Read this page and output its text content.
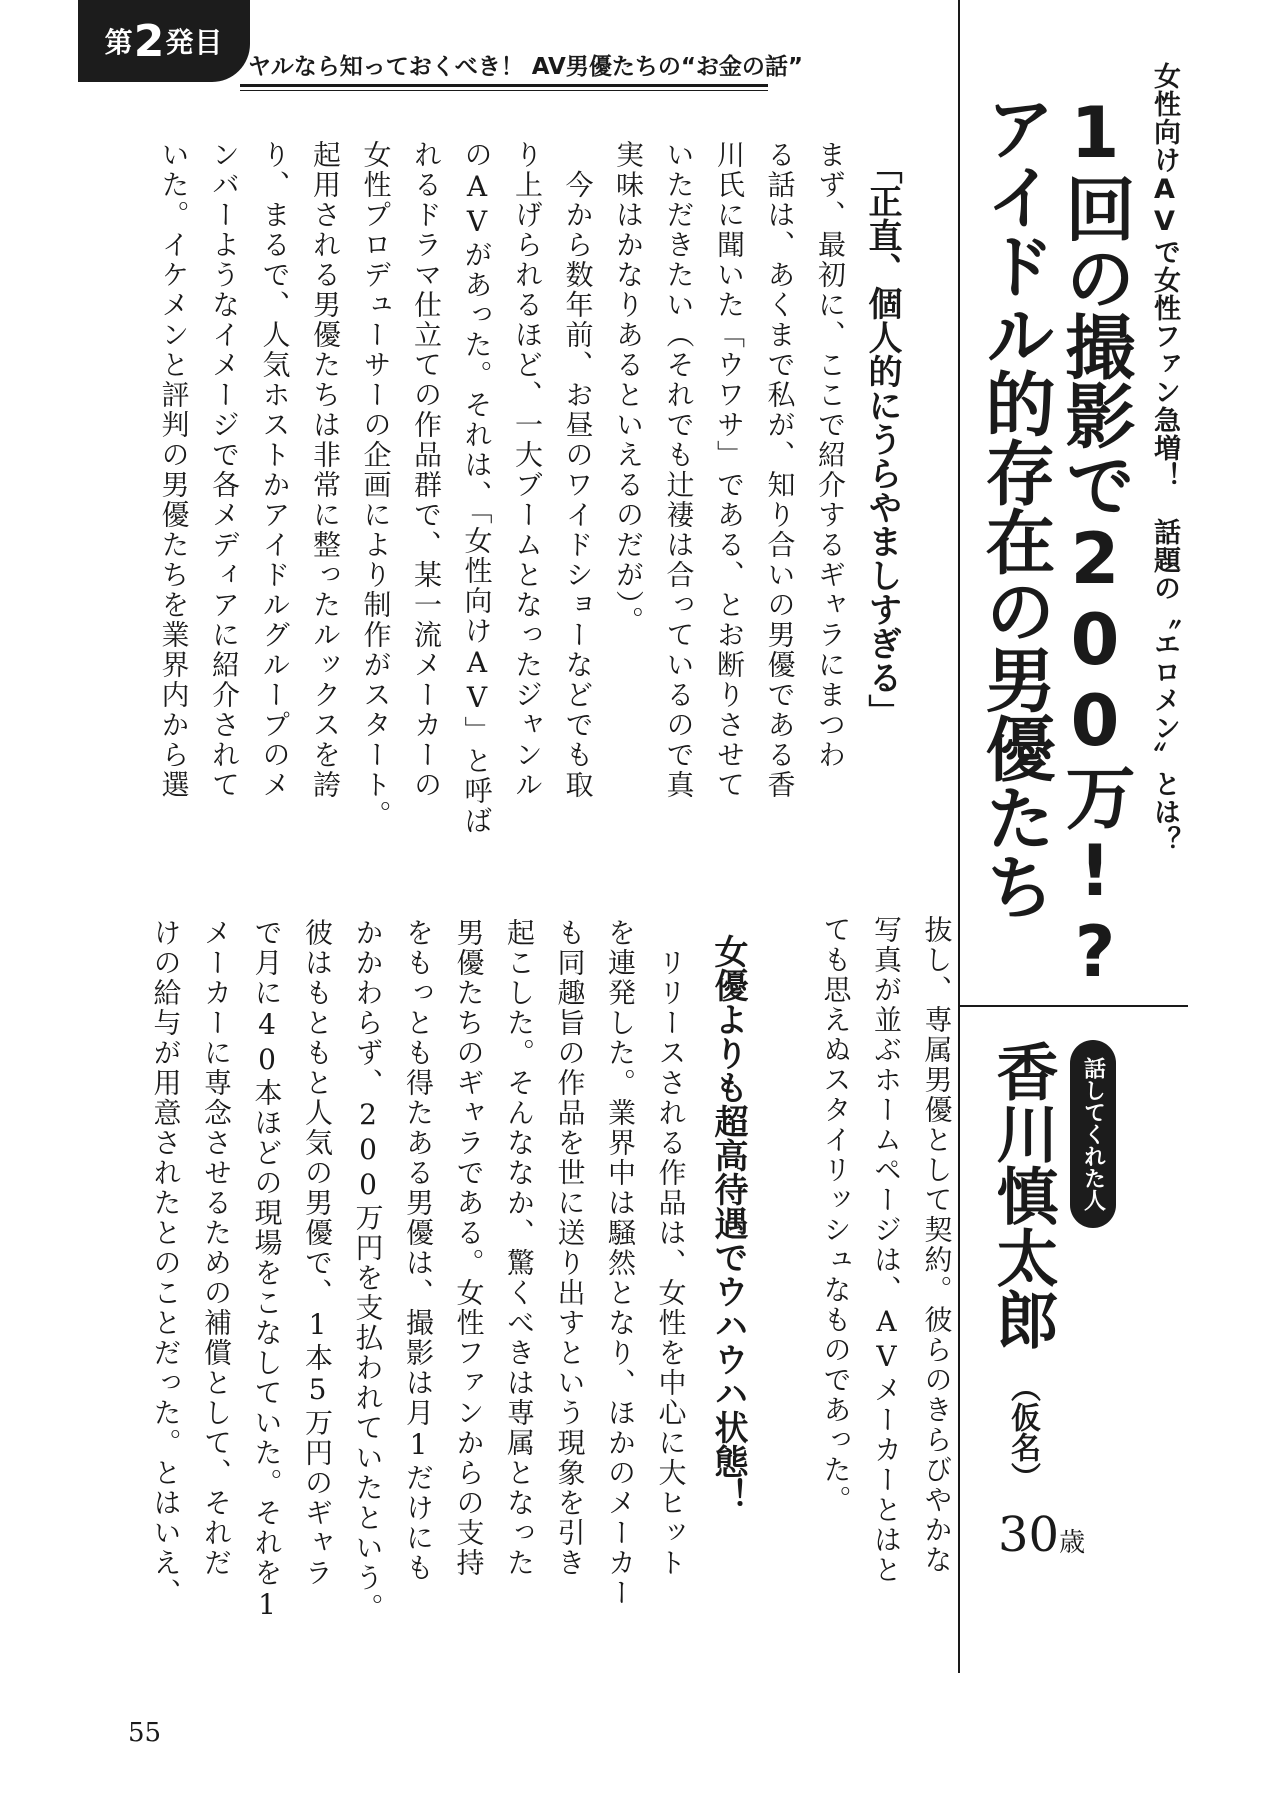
第 2 発目
ヤルなら知っておくべき！ AV男優たちの“お金の話”	女性向けAVで女性ファン急増！　話題の〝エロメン〟とは？
1回の撮影で200万!?
アイドル的存在の男優たち
「正直、個人的にうらやましすぎる」
まず、最初に、ここで紹介するギャラにまつわ
る話は、あくまで私が、知り合いの男優である香
川氏に聞いた「ウワサ」である、とお断りさせて
いただきたい（それでも辻褄は合っているので真
実味はかなりあるといえるのだが）。
　今から数年前、お昼のワイドショーなどでも取
り上げられるほど、一大ブームとなったジャンル
のAVがあった。それは、「女性向けAV」と呼ば
れるドラマ仕立ての作品群で、某一流メーカーの
女性プロデューサーの企画により制作がスタート。
起用される男優たちは非常に整ったルックスを誇
り、まるで、人気ホストかアイドルグループのメ
ンバーようなイメージで各メディアに紹介されて
いた。イケメンと評判の男優たちを業界内から選
抜し、専属男優として契約。彼らのきらびやかな
写真が並ぶホームページは、AVメーカーとはと
ても思えぬスタイリッシュなものであった。
女優よりも超高待遇でウハウハ状態！
　リリースされる作品は、女性を中心に大ヒット
を連発した。業界中は騒然となり、ほかのメーカー
も同趣旨の作品を世に送り出すという現象を引き
起こした。そんななか、驚くべきは専属となった
男優たちのギャラである。女性ファンからの支持
をもっとも得たある男優は、撮影は月1だけにも
かかわらず、200万円を支払われていたという。
彼はもともと人気の男優で、1本5万円のギャラ
で月に40本ほどの現場をこなしていた。それを1
メーカーに専念させるための補償として、それだ
けの給与が用意されたとのことだった。とはいえ、	話してくれた人
香川慎太郎
（仮名）
30歳
55
